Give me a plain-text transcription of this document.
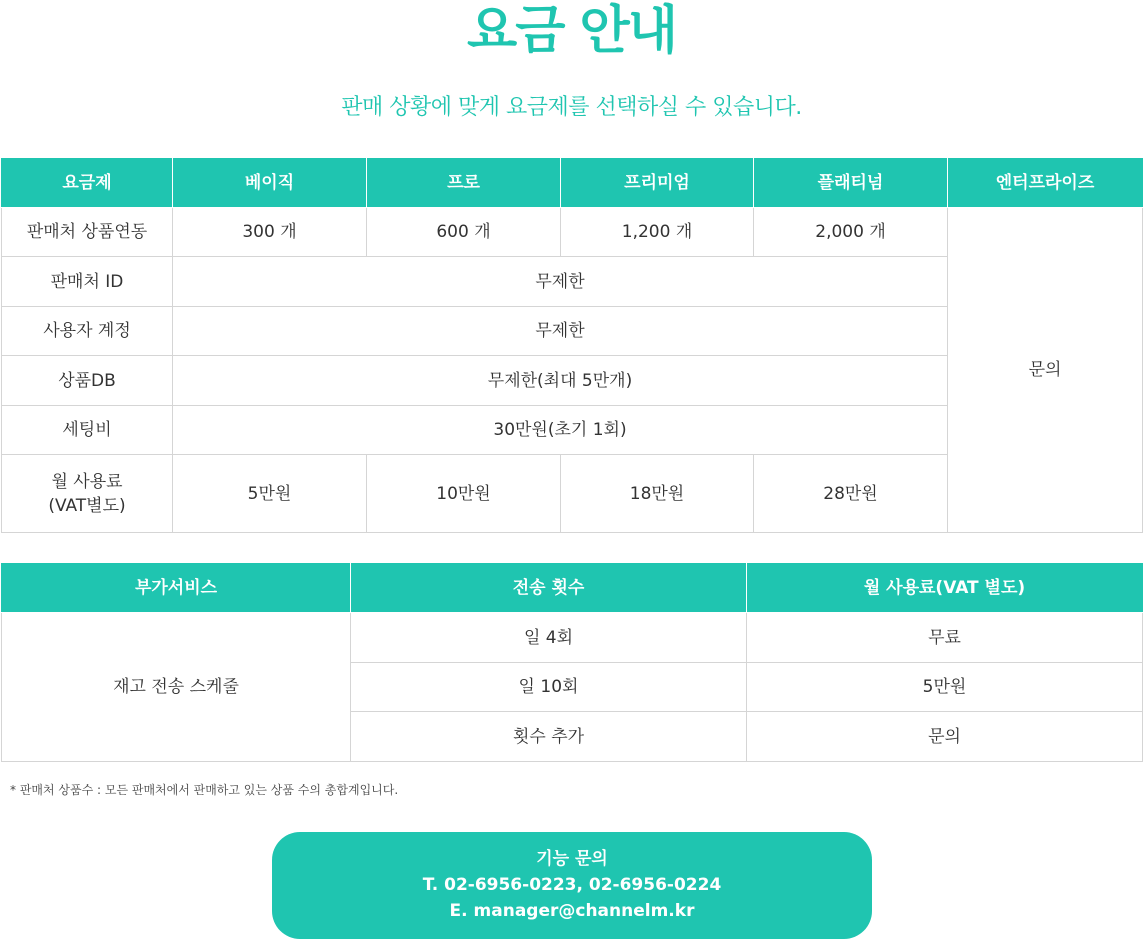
요금 안내
판매 상황에 맞게 요금제를 선택하실 수 있습니다.
요금제	베이직	프로	프리미엄	플래티넘	엔터프라이즈
판매처 상품연동	300 개	600 개	1,200 개	2,000 개	문의
판매처 ID	무제한				
사용자 계정	무제한				
상품DB	무제한(최대 5만개)				
세팅비	30만원(초기 1회)				

월 사용료
(VAT별도)	5만원	10만원	18만원	28만원	
부가서비스	전송 횟수	월 사용료(VAT 별도)
재고 전송 스케줄	일 4회	무료
	일 10회	5만원
	횟수 추가	문의
* 판매처 상품수 : 모든 판매처에서 판매하고 있는 상품 수의 총합계입니다.
기능 문의
T. 02-6956-0223, 02-6956-0224
E. manager@channelm.kr
